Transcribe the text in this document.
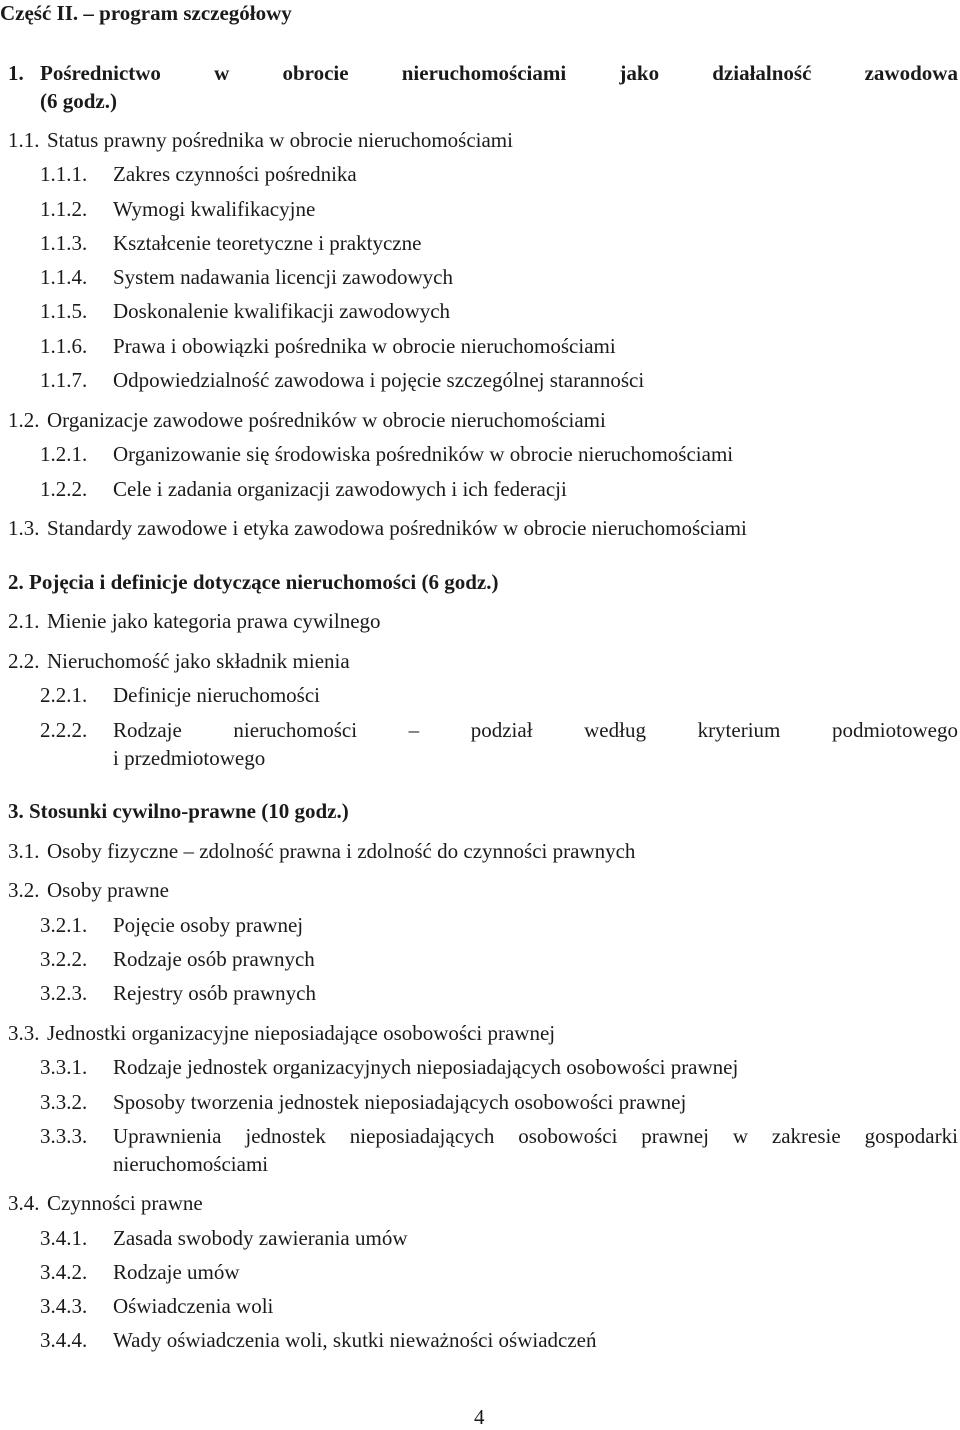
Część II. – program szczegółowy
1. Pośrednictwo	w	obrocie	nieruchomościami	jako	działalność	zawodowa
(6 godz.)
1.1. Status prawny pośrednika w obrocie nieruchomościami
1.1.1. Zakres czynności pośrednika
1.1.2. Wymogi kwalifikacyjne
1.1.3. Kształcenie teoretyczne i praktyczne
1.1.4. System nadawania licencji zawodowych
1.1.5. Doskonalenie kwalifikacji zawodowych
1.1.6. Prawa i obowiązki pośrednika w obrocie nieruchomościami
1.1.7. Odpowiedzialność zawodowa i pojęcie szczególnej staranności
1.2. Organizacje zawodowe pośredników w obrocie nieruchomościami
1.2.1. Organizowanie się środowiska pośredników w obrocie nieruchomościami
1.2.2. Cele i zadania organizacji zawodowych i ich federacji
1.3. Standardy zawodowe i etyka zawodowa pośredników w obrocie nieruchomościami
2. Pojęcia i definicje dotyczące nieruchomości (6 godz.)
2.1. Mienie jako kategoria prawa cywilnego
2.2. Nieruchomość jako składnik mienia
2.2.1. Definicje nieruchomości
2.2.2. Rodzaje nieruchomości – podział według kryterium podmiotowego
i przedmiotowego
3. Stosunki cywilno-prawne (10 godz.)
3.1. Osoby fizyczne – zdolność prawna i zdolność do czynności prawnych
3.2. Osoby prawne
3.2.1. Pojęcie osoby prawnej
3.2.2. Rodzaje osób prawnych
3.2.3. Rejestry osób prawnych
3.3. Jednostki organizacyjne nieposiadające osobowości prawnej
3.3.1. Rodzaje jednostek organizacyjnych nieposiadających osobowości prawnej
3.3.2. Sposoby tworzenia jednostek nieposiadających osobowości prawnej
3.3.3. Uprawnienia jednostek nieposiadających osobowości prawnej w zakresie gospodarki
nieruchomościami
3.4. Czynności prawne
3.4.1. Zasada swobody zawierania umów
3.4.2. Rodzaje umów
3.4.3. Oświadczenia woli
3.4.4. Wady oświadczenia woli, skutki nieważności oświadczeń
4
